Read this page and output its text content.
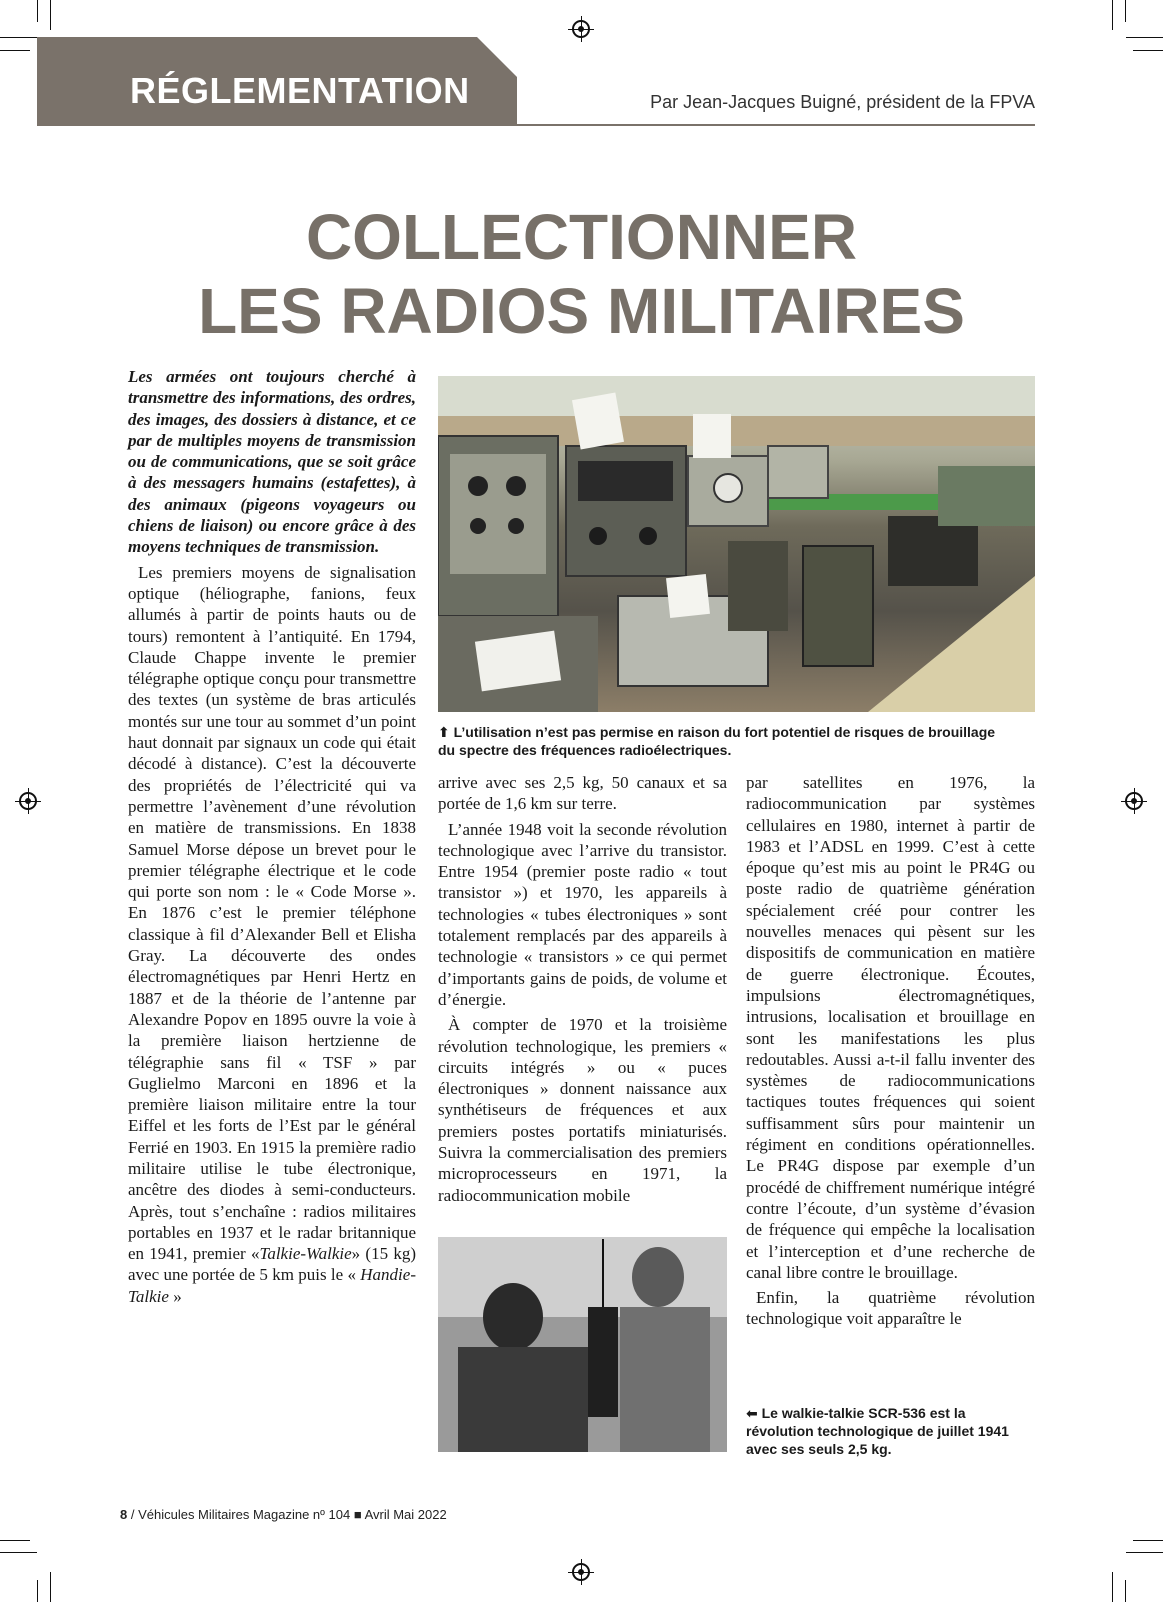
RÉGLEMENTATION	Par Jean-Jacques Buigné, président de la FPVA
COLLECTIONNER
LES RADIOS MILITAIRES

Les armées ont toujours cherché à transmettre des informations, des ordres, des images, des dossiers à distance, et ce par de multiples moyens de transmission ou de communications, que se soit grâce à des messagers humains (estafettes), à des animaux (pigeons voyageurs ou chiens de liaison) ou encore grâce à des moyens techniques de transmission.

Les premiers moyens de signalisation optique (héliographe, fanions, feux allumés à partir de points hauts ou de tours) remontent à l’antiquité. En 1794, Claude Chappe invente le premier télégraphe optique conçu pour transmettre des textes (un système de bras articulés montés sur une tour au sommet d’un point haut donnait par signaux un code qui était décodé à distance). C’est la découverte des propriétés de l’électricité qui va permettre l’avènement d’une révolution en matière de transmissions. En 1838 Samuel Morse dépose un brevet pour le premier télégraphe électrique et le code qui porte son nom : le « Code Morse ». En 1876 c’est le premier téléphone classique à fil d’Alexander Bell et Elisha Gray. La découverte des ondes électromagnétiques par Henri Hertz en 1887 et de la théorie de l’antenne par Alexandre Popov en 1895 ouvre la voie à la première liaison hertzienne de télégraphie sans fil « TSF » par Guglielmo Marconi en 1896 et la première liaison militaire entre la tour Eiffel et les forts de l’Est par le général Ferrié en 1903. En 1915 la première radio militaire utilise le tube électronique, ancêtre des diodes à semi-conducteurs. Après, tout s’enchaîne : radios militaires portables en 1937 et le radar britannique en 1941, premier «Talkie-Walkie» (15 kg) avec une portée de 5 km puis le « Handie-Talkie »

⬆ L’utilisation n’est pas permise en raison du fort potentiel de risques de brouillage du spectre des fréquences radioélectriques.

arrive avec ses 2,5 kg, 50 canaux et sa portée de 1,6 km sur terre.

L’année 1948 voit la seconde révolution technologique avec l’arrive du transistor. Entre 1954 (premier poste radio « tout transistor ») et 1970, les appareils à technologies « tubes électroniques » sont totalement remplacés par des appareils à technologie « transistors » ce qui permet d’importants gains de poids, de volume et d’énergie.

À compter de 1970 et la troisième révolution technologique, les premiers « circuits intégrés » ou « puces électroniques » donnent naissance aux synthétiseurs de fréquences et aux premiers postes portatifs miniaturisés. Suivra la commercialisation des premiers microprocesseurs en 1971, la radiocommunication mobile

par satellites en 1976, la radiocommunication par systèmes cellulaires en 1980, internet à partir de 1983 et l’ADSL en 1999. C’est à cette époque qu’est mis au point le PR4G ou poste radio de quatrième génération spécialement créé pour contrer les nouvelles menaces qui pèsent sur les dispositifs de communication en matière de guerre électronique. Écoutes, impulsions électromagnétiques, intrusions, localisation et brouillage en sont les manifestations les plus redoutables. Aussi a-t-il fallu inventer des systèmes de radiocommunications tactiques toutes fréquences qui soient suffisamment sûrs pour maintenir un régiment en conditions opérationnelles. Le PR4G dispose par exemple d’un procédé de chiffrement numérique intégré contre l’écoute, d’un système d’évasion de fréquence qui empêche la localisation et l’interception et d’une recherche de canal libre contre le brouillage.

Enfin, la quatrième révolution technologique voit apparaître le

⬅ Le walkie-talkie SCR-536 est la révolution technologique de juillet 1941 avec ses seuls 2,5 kg.
8 / Véhicules Militaires Magazine nº 104 ■ Avril Mai 2022
